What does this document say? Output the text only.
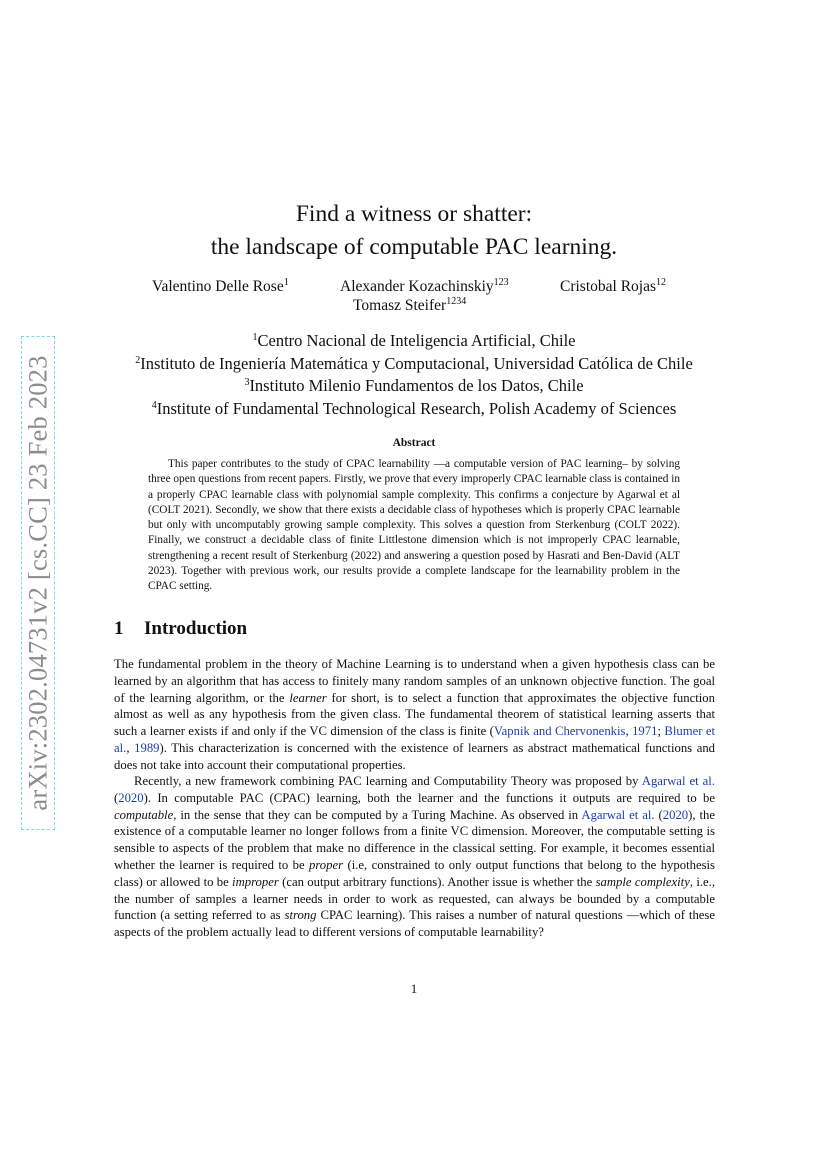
arXiv:2302.04731v2 [cs.CC] 23 Feb 2023
Find a witness or shatter:
the landscape of computable PAC learning.
Valentino Delle Rose$^1$	Alexander Kozachinskiy$^{123}$	Cristobal Rojas$^{12}$
Tomasz Steifer$^{1234}$
$^1$Centro Nacional de Inteligencia Artificial, Chile
$^2$Instituto de Ingeniería Matemática y Computacional, Universidad Católica de Chile
$^3$Instituto Milenio Fundamentos de los Datos, Chile
$^4$Institute of Fundamental Technological Research, Polish Academy of Sciences
Abstract

This paper contributes to the study of CPAC learnability —a computable version of PAC learning– by solving three open questions from recent papers. Firstly, we prove that every improperly CPAC learnable class is contained in a properly CPAC learnable class with polynomial sample complexity. This confirms a conjecture by Agarwal et al (COLT 2021). Secondly, we show that there exists a decidable class of hypotheses which is properly CPAC learnable but only with uncomputably growing sample complexity. This solves a question from Sterkenburg (COLT 2022). Finally, we construct a decidable class of finite Littlestone dimension which is not improperly CPAC learnable, strengthening a recent result of Sterkenburg (2022) and answering a question posed by Hasrati and Ben-David (ALT 2023). Together with previous work, our results provide a complete landscape for the learnability problem in the CPAC setting.

1 Introduction

The fundamental problem in the theory of Machine Learning is to understand when a given hypothesis class can be learned by an algorithm that has access to finitely many random samples of an unknown objective function. The goal of the learning algorithm, or the learner for short, is to select a function that approximates the objective function almost as well as any hypothesis from the given class. The fundamental theorem of statistical learning asserts that such a learner exists if and only if the VC dimension of the class is finite (Vapnik and Chervonenkis, 1971; Blumer et al., 1989). This characterization is concerned with the existence of learners as abstract mathematical functions and does not take into account their computational properties.

Recently, a new framework combining PAC learning and Computability Theory was proposed by Agarwal et al. (2020). In computable PAC (CPAC) learning, both the learner and the functions it outputs are required to be computable, in the sense that they can be computed by a Turing Machine. As observed in Agarwal et al. (2020), the existence of a computable learner no longer follows from a finite VC dimension. Moreover, the computable setting is sensible to aspects of the problem that make no difference in the classical setting. For example, it becomes essential whether the learner is required to be proper (i.e, constrained to only output functions that belong to the hypothesis class) or allowed to be improper (can output arbitrary functions). Another issue is whether the sample complexity, i.e., the number of samples a learner needs in order to work as requested, can always be bounded by a computable function (a setting referred to as strong CPAC learning). This raises a number of natural questions —which of these aspects of the problem actually lead to different versions of computable learnability?

1
